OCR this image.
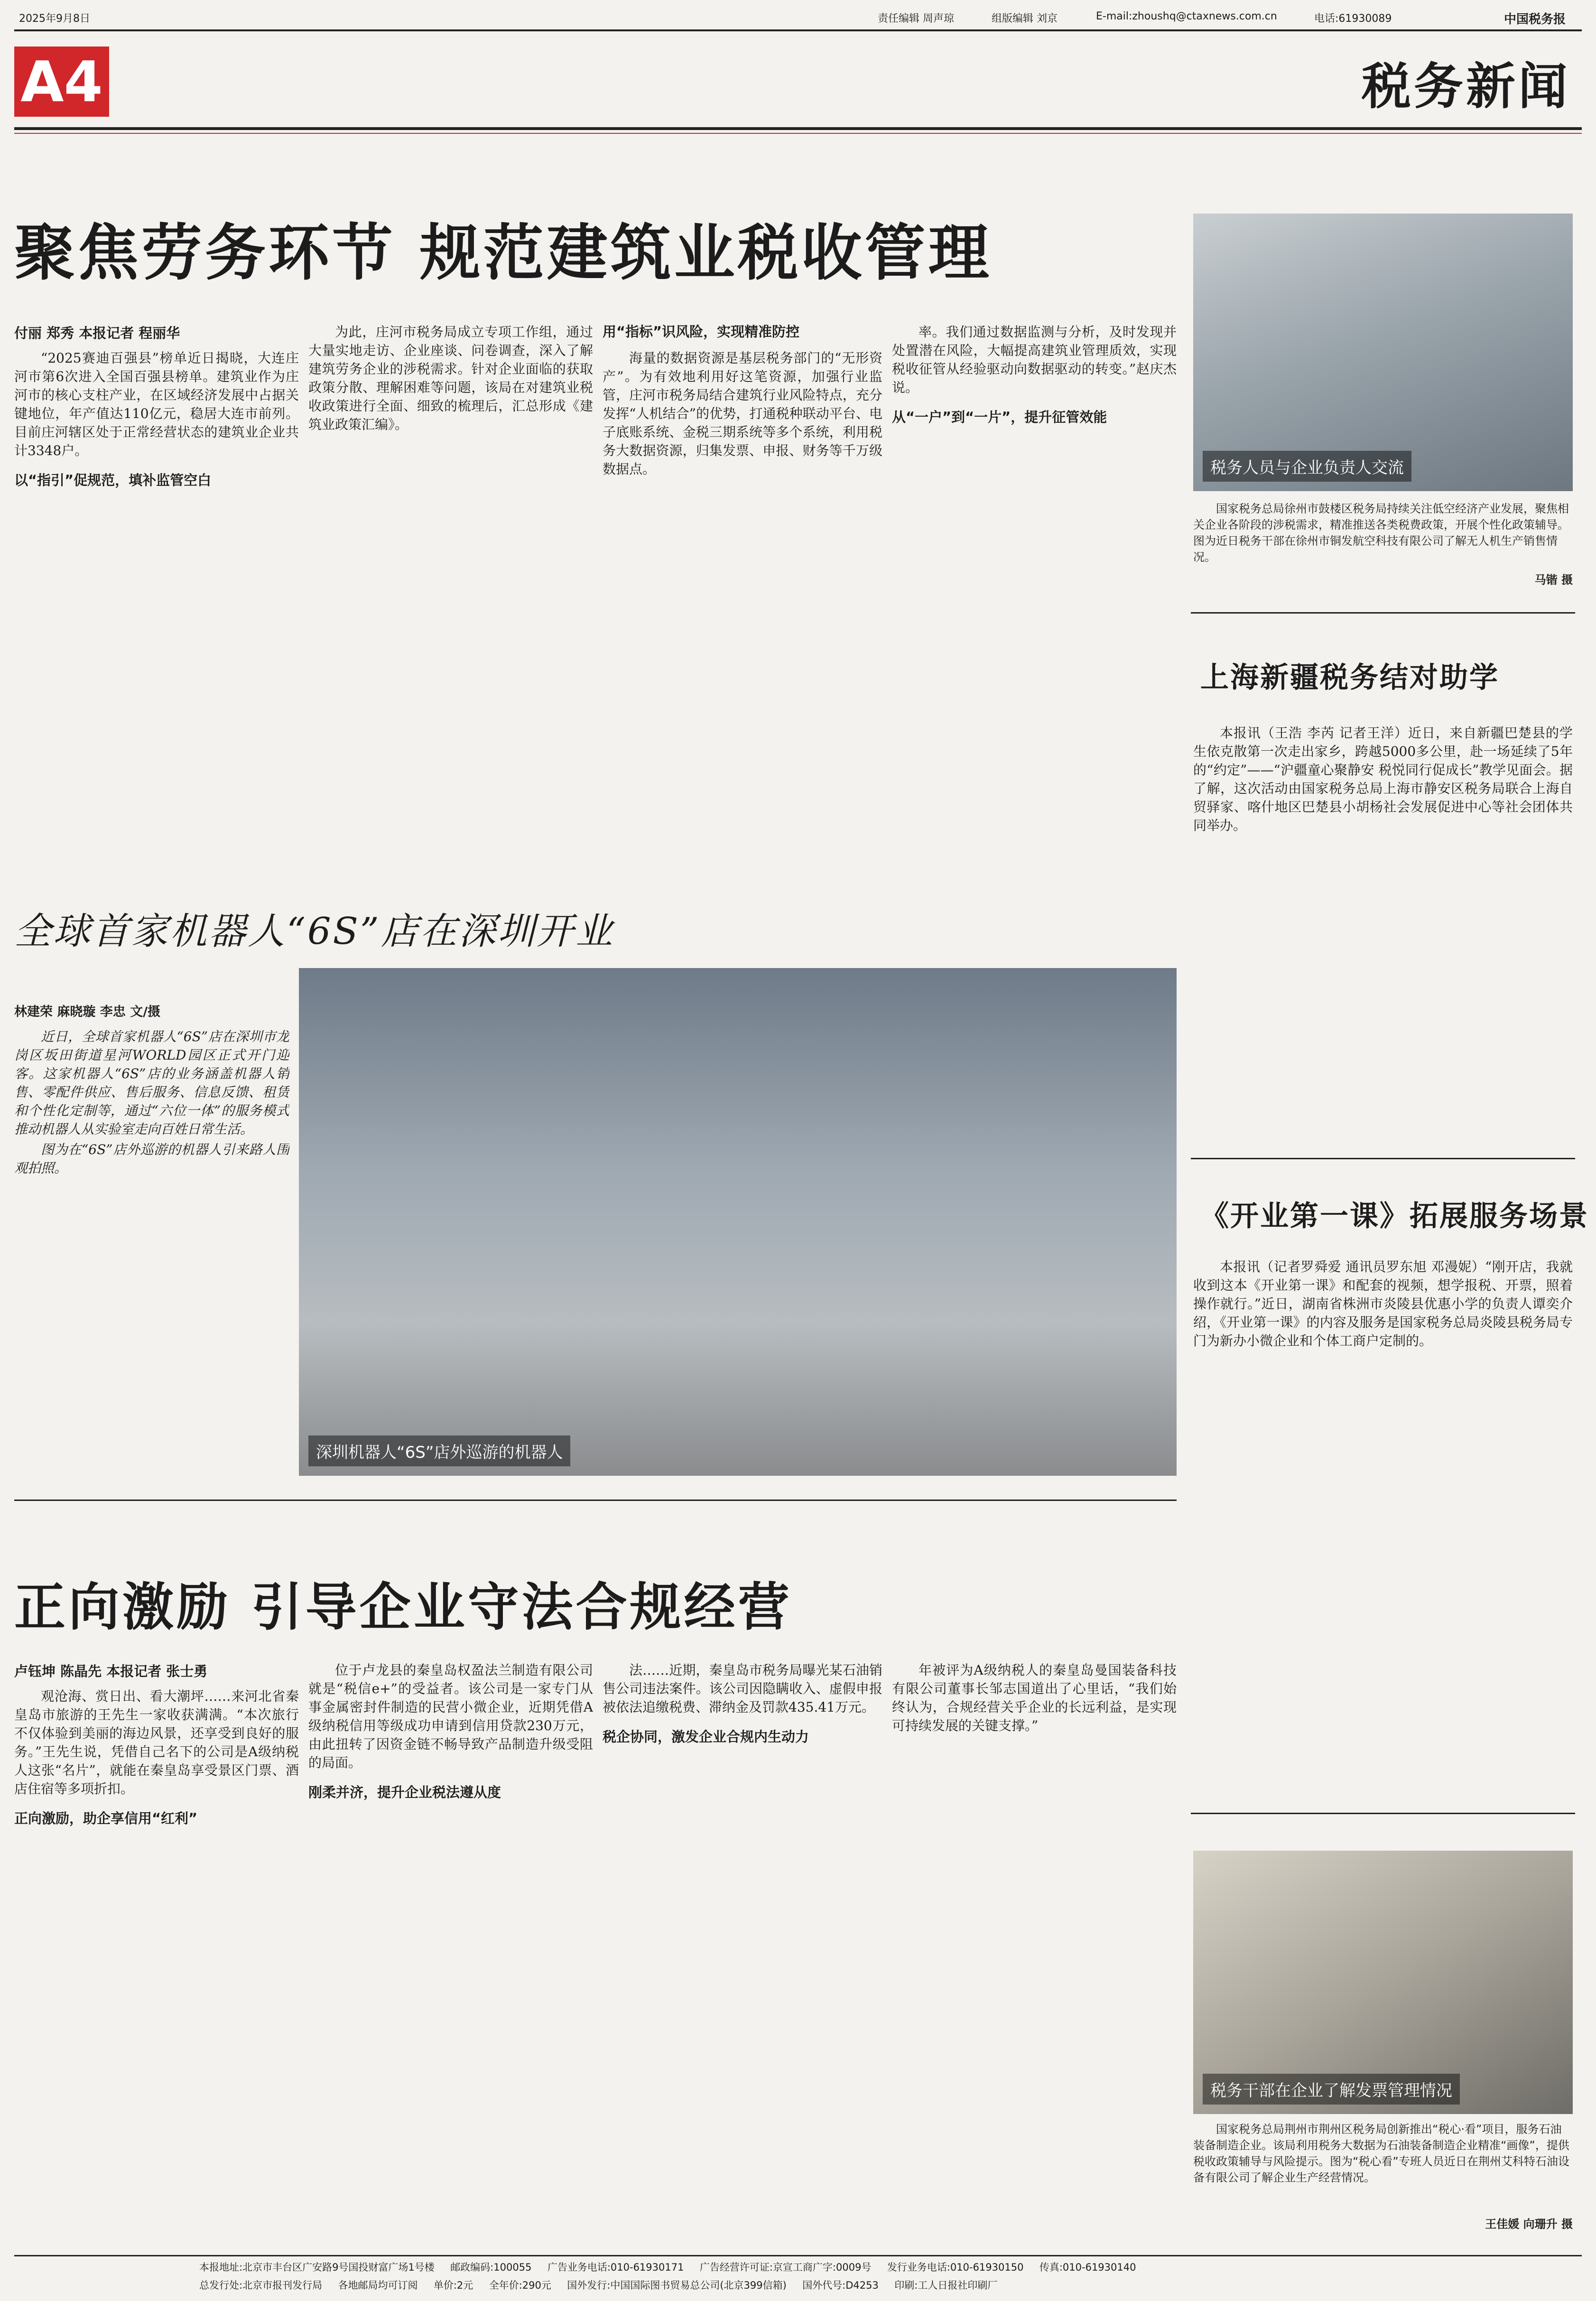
2025年9月8日	责任编辑 周声琼	组版编辑 刘京	E-mail:zhoushq@ctaxnews.com.cn	电话:61930089	中国税务报
A4	税务新闻
聚焦劳务环节 规范建筑业税收管理
付丽 郑秀 本报记者 程丽华

“2025赛迪百强县”榜单近日揭晓，大连庄河市第6次进入全国百强县榜单。建筑业作为庄河市的核心支柱产业，在区域经济发展中占据关键地位，年产值达110亿元，稳居大连市前列。目前庄河辖区处于正常经营状态的建筑业企业共计3348户。

以“指引”促规范，填补监管空白

为此，庄河市税务局成立专项工作组，通过大量实地走访、企业座谈、问卷调查，深入了解建筑劳务企业的涉税需求。针对企业面临的获取政策分散、理解困难等问题，该局在对建筑业税收政策进行全面、细致的梳理后，汇总形成《建筑业政策汇编》。

用“指标”识风险，实现精准防控

海量的数据资源是基层税务部门的“无形资产”。为有效地利用好这笔资源，加强行业监管，庄河市税务局结合建筑行业风险特点，充分发挥“人机结合”的优势，打通税种联动平台、电子底账系统、金税三期系统等多个系统，利用税务大数据资源，归集发票、申报、财务等千万级数据点。

率。我们通过数据监测与分析，及时发现并处置潜在风险，大幅提高建筑业管理质效，实现税收征管从经验驱动向数据驱动的转变。”赵庆杰说。

从“一户”到“一片”，提升征管效能

税务人员与企业负责人交流
国家税务总局徐州市鼓楼区税务局持续关注低空经济产业发展，聚焦相关企业各阶段的涉税需求，精准推送各类税费政策，开展个性化政策辅导。图为近日税务干部在徐州市铜发航空科技有限公司了解无人机生产销售情况。
马锴 摄
上海新疆税务结对助学

本报讯（王浩 李芮 记者王洋）近日，来自新疆巴楚县的学生依克散第一次走出家乡，跨越5000多公里，赴一场延续了5年的“约定”——“沪疆童心聚静安 税悦同行促成长”教学见面会。据了解，这次活动由国家税务总局上海市静安区税务局联合上海自贸驿家、喀什地区巴楚县小胡杨社会发展促进中心等社会团体共同举办。

全球首家机器人“6S”店在深圳开业
林建荣 麻晓璇 李忠 文/摄

近日，全球首家机器人“6S”店在深圳市龙岗区坂田街道星河WORLD园区正式开门迎客。这家机器人“6S”店的业务涵盖机器人销售、零配件供应、售后服务、信息反馈、租赁和个性化定制等，通过“六位一体”的服务模式推动机器人从实验室走向百姓日常生活。

图为在“6S”店外巡游的机器人引来路人围观拍照。

深圳机器人“6S”店外巡游的机器人
《开业第一课》拓展服务场景

本报讯（记者罗舜爱 通讯员罗东旭 邓漫妮）“刚开店，我就收到这本《开业第一课》和配套的视频，想学报税、开票，照着操作就行。”近日，湖南省株洲市炎陵县优惠小学的负责人谭奕介绍，《开业第一课》的内容及服务是国家税务总局炎陵县税务局专门为新办小微企业和个体工商户定制的。

税务干部在企业了解发票管理情况
国家税务总局荆州市荆州区税务局创新推出“税心·看”项目，服务石油装备制造企业。该局利用税务大数据为石油装备制造企业精准“画像”，提供税收政策辅导与风险提示。图为“税心看”专班人员近日在荆州艾科特石油设备有限公司了解企业生产经营情况。
王佳媛 向珊升 摄
正向激励 引导企业守法合规经营
卢钰坤 陈晶先 本报记者 张士勇

观沧海、赏日出、看大潮坪……来河北省秦皇岛市旅游的王先生一家收获满满。“本次旅行不仅体验到美丽的海边风景，还享受到良好的服务。”王先生说，凭借自己名下的公司是A级纳税人这张“名片”，就能在秦皇岛享受景区门票、酒店住宿等多项折扣。

正向激励，助企享信用“红利”

位于卢龙县的秦皇岛权盈法兰制造有限公司就是“税信e+”的受益者。该公司是一家专门从事金属密封件制造的民营小微企业，近期凭借A级纳税信用等级成功申请到信用贷款230万元，由此扭转了因资金链不畅导致产品制造升级受阻的局面。

刚柔并济，提升企业税法遵从度

法……近期，秦皇岛市税务局曝光某石油销售公司违法案件。该公司因隐瞒收入、虚假申报被依法追缴税费、滞纳金及罚款435.41万元。

税企协同，激发企业合规内生动力

年被评为A级纳税人的秦皇岛曼国装备科技有限公司董事长邹志国道出了心里话，“我们始终认为，合规经营关乎企业的长远利益，是实现可持续发展的关键支撑。”

本报地址:北京市丰台区广安路9号国投财富广场1号楼 邮政编码:100055 广告业务电话:010-61930171 广告经营许可证:京宣工商广字:0009号 发行业务电话:010-61930150 传真:010-61930140
总发行处:北京市报刊发行局 各地邮局均可订阅 单价:2元 全年价:290元 国外发行:中国国际图书贸易总公司(北京399信箱) 国外代号:D4253 印刷:工人日报社印刷厂
